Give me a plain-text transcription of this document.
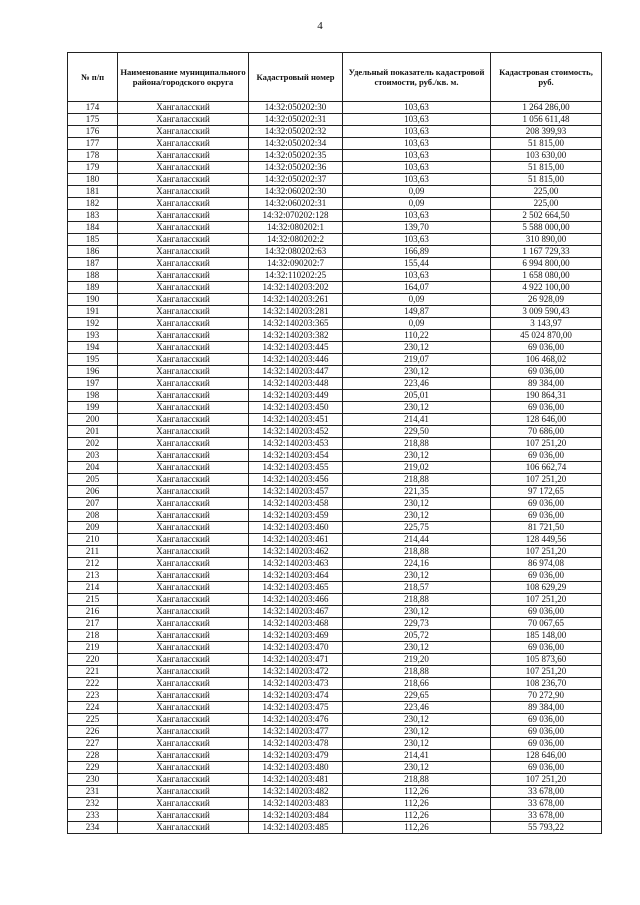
4
№ п/п	Наименование муниципального района/городского округа	Кадастровый номер	Удельный показатель кадастровой стоимости, руб./кв. м.	Кадастровая стоимость, руб.
174	Хангаласский	14:32:050202:30	103,63	1 264 286,00
175	Хангаласский	14:32:050202:31	103,63	1 056 611,48
176	Хангаласский	14:32:050202:32	103,63	208 399,93
177	Хангаласский	14:32:050202:34	103,63	51 815,00
178	Хангаласский	14:32:050202:35	103,63	103 630,00
179	Хангаласский	14:32:050202:36	103,63	51 815,00
180	Хангаласский	14:32:050202:37	103,63	51 815,00
181	Хангаласский	14:32:060202:30	0,09	225,00
182	Хангаласский	14:32:060202:31	0,09	225,00
183	Хангаласский	14:32:070202:128	103,63	2 502 664,50
184	Хангаласский	14:32:080202:1	139,70	5 588 000,00
185	Хангаласский	14:32:080202:2	103,63	310 890,00
186	Хангаласский	14:32:080202:63	166,89	1 167 729,33
187	Хангаласский	14:32:090202:7	155,44	6 994 800,00
188	Хангаласский	14:32:110202:25	103,63	1 658 080,00
189	Хангаласский	14:32:140203:202	164,07	4 922 100,00
190	Хангаласский	14:32:140203:261	0,09	26 928,09
191	Хангаласский	14:32:140203:281	149,87	3 009 590,43
192	Хангаласский	14:32:140203:365	0,09	3 143,97
193	Хангаласский	14:32:140203:382	110,22	45 024 870,00
194	Хангаласский	14:32:140203:445	230,12	69 036,00
195	Хангаласский	14:32:140203:446	219,07	106 468,02
196	Хангаласский	14:32:140203:447	230,12	69 036,00
197	Хангаласский	14:32:140203:448	223,46	89 384,00
198	Хангаласский	14:32:140203:449	205,01	190 864,31
199	Хангаласский	14:32:140203:450	230,12	69 036,00
200	Хангаласский	14:32:140203:451	214,41	128 646,00
201	Хангаласский	14:32:140203:452	229,50	70 686,00
202	Хангаласский	14:32:140203:453	218,88	107 251,20
203	Хангаласский	14:32:140203:454	230,12	69 036,00
204	Хангаласский	14:32:140203:455	219,02	106 662,74
205	Хангаласский	14:32:140203:456	218,88	107 251,20
206	Хангаласский	14:32:140203:457	221,35	97 172,65
207	Хангаласский	14:32:140203:458	230,12	69 036,00
208	Хангаласский	14:32:140203:459	230,12	69 036,00
209	Хангаласский	14:32:140203:460	225,75	81 721,50
210	Хангаласский	14:32:140203:461	214,44	128 449,56
211	Хангаласский	14:32:140203:462	218,88	107 251,20
212	Хангаласский	14:32:140203:463	224,16	86 974,08
213	Хангаласский	14:32:140203:464	230,12	69 036,00
214	Хангаласский	14:32:140203:465	218,57	108 629,29
215	Хангаласский	14:32:140203:466	218,88	107 251,20
216	Хангаласский	14:32:140203:467	230,12	69 036,00
217	Хангаласский	14:32:140203:468	229,73	70 067,65
218	Хангаласский	14:32:140203:469	205,72	185 148,00
219	Хангаласский	14:32:140203:470	230,12	69 036,00
220	Хангаласский	14:32:140203:471	219,20	105 873,60
221	Хангаласский	14:32:140203:472	218,88	107 251,20
222	Хангаласский	14:32:140203:473	218,66	108 236,70
223	Хангаласский	14:32:140203:474	229,65	70 272,90
224	Хангаласский	14:32:140203:475	223,46	89 384,00
225	Хангаласский	14:32:140203:476	230,12	69 036,00
226	Хангаласский	14:32:140203:477	230,12	69 036,00
227	Хангаласский	14:32:140203:478	230,12	69 036,00
228	Хангаласский	14:32:140203:479	214,41	128 646,00
229	Хангаласский	14:32:140203:480	230,12	69 036,00
230	Хангаласский	14:32:140203:481	218,88	107 251,20
231	Хангаласский	14:32:140203:482	112,26	33 678,00
232	Хангаласский	14:32:140203:483	112,26	33 678,00
233	Хангаласский	14:32:140203:484	112,26	33 678,00
234	Хангаласский	14:32:140203:485	112,26	55 793,22
